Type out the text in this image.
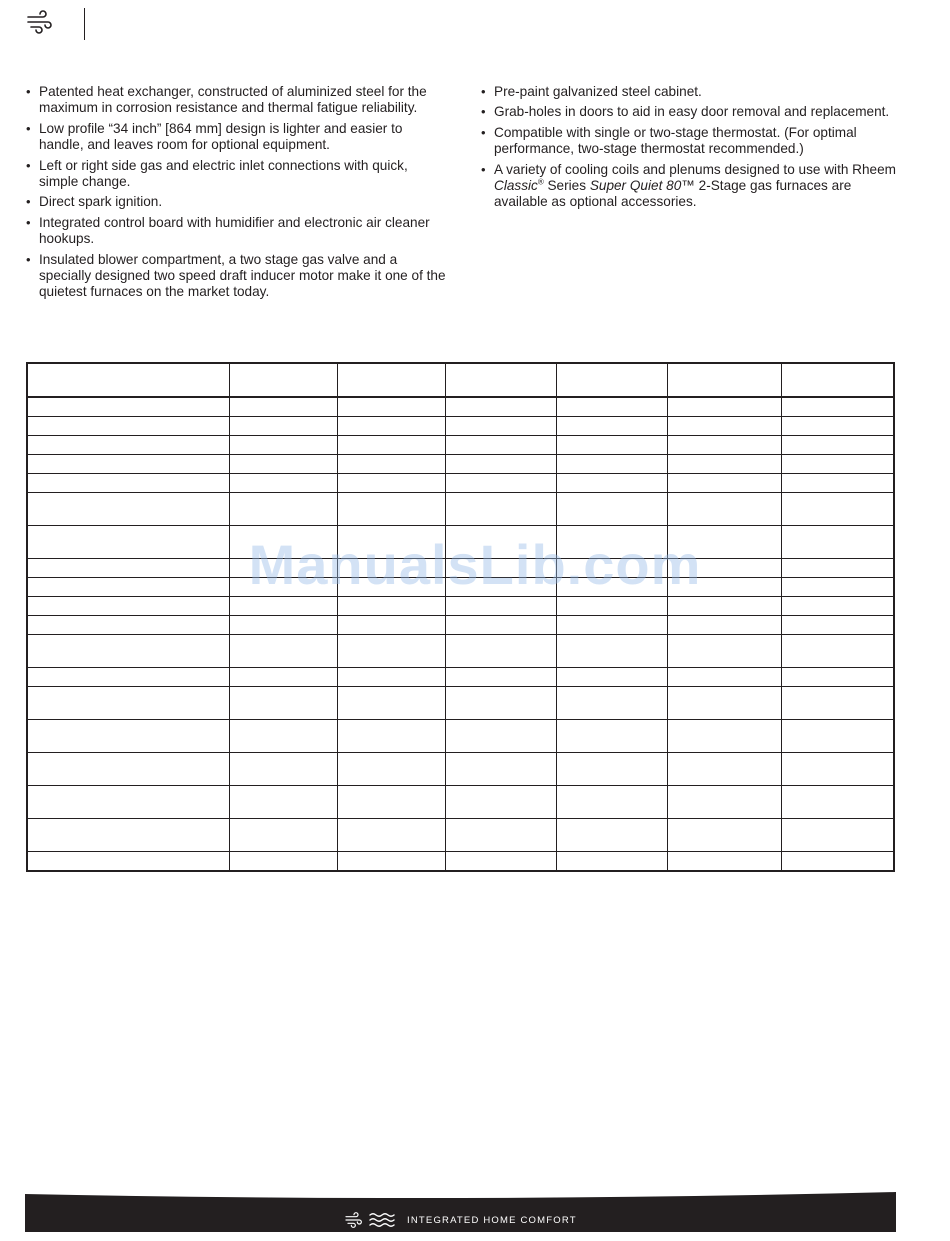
• Patented heat exchanger, constructed of aluminized steel for the maximum in corrosion resistance and thermal fatigue reliability.
• Low profile “34 inch” [864 mm] design is lighter and easier to handle, and leaves room for optional equipment.
• Left or right side gas and electric inlet connections with quick, simple change.
• Direct spark ignition.
• Integrated control board with humidifier and electronic air cleaner hookups.
• Insulated blower compartment, a two stage gas valve and a specially designed two speed draft inducer motor make it one of the quietest furnaces on the market today.
• Pre-paint galvanized steel cabinet.
• Grab-holes in doors to aid in easy door removal and replacement.
• Compatible with single or two-stage thermostat. (For optimal performance, two-stage thermostat recommended.)
• A variety of cooling coils and plenums designed to use with Rheem Classic® Series Super Quiet 80™ 2-Stage gas furnaces are available as optional accessories.

ManualsLib.com
INTEGRATED HOME COMFORT
